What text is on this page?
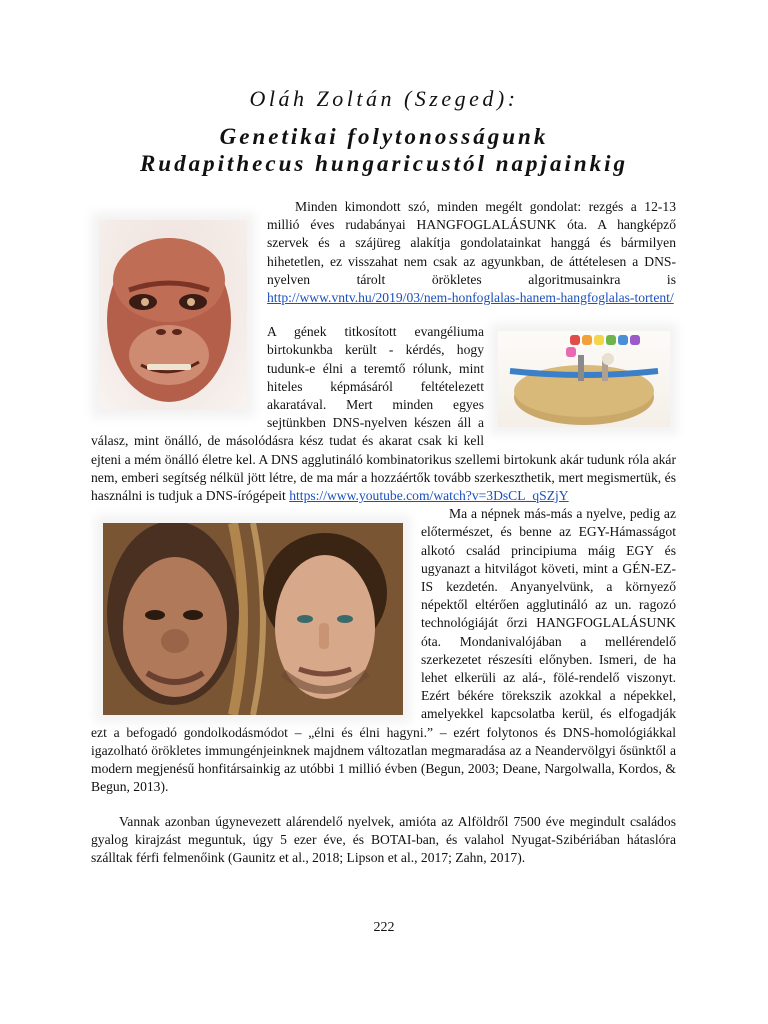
Oláh Zoltán (Szeged):
Genetikai folytonosságunk
Rudapithecus hungaricustól napjainkig

Minden kimondott szó, minden megélt gondolat: rezgés a 12-13 millió éves rudabányai HANGFOGLALÁSUNK óta. A hangképző szervek és a szájüreg alakítja gondolatainkat hanggá és bármilyen hihetetlen, ez visszahat nem csak az agyunkban, de áttételesen a DNS-nyelven tárolt örökletes algoritmusainkra is http://www.vntv.hu/2019/03/nem-honfoglalas-hanem-hangfoglalas-tortent/

A gének titkosított evangéliuma birtokunkba került - kérdés, hogy tudunk-e élni a teremtő rólunk, mint hiteles képmásáról feltételezett akaratával. Mert minden egyes sejtünkben DNS-nyelven készen áll a válasz, mint önálló, de másolódásra kész tudat és akarat csak ki kell ejteni a mém önálló életre kel. A DNS agglutináló kombinatorikus szellemi birtokunk akár tudunk róla akár nem, emberi segítség nélkül jött létre, de ma már a hozzáértők tovább szerkeszthetik, mert megismertük, és használni is tudjuk a DNS-írógépeit https://www.youtube.com/watch?v=3DsCL_qSZjY

Ma a népnek más-más a nyelve, pedig az előtermészet, és benne az EGY-Hámasságot alkotó család principiuma máig EGY és ugyanazt a hitvilágot követi, mint a GÉN-EZ-IS kezdetén. Anyanyelvünk, a környező népektől eltérően agglutináló az un. ragozó technológiáját őrzi HANGFOGLALÁSUNK óta. Mondanivalójában a mellérendelő szerkezetet részesíti előnyben. Ismeri, de ha lehet elkerüli az alá-, fölé-rendelő viszonyt. Ezért békére törekszik azokkal a népekkel, amelyekkel kapcsolatba kerül, és elfogadják ezt a befogadó gondolkodásmódot – „élni és élni hagyni.” – ezért folytonos és DNS-homológiákkal igazolható örökletes immungénjeinknek majdnem változatlan megmaradása az a Neandervölgyi ősünktől a modern megjenésű honfitársainkig az utóbbi 1 millió évben (Begun, 2003; Deane, Nargolwalla, Kordos, & Begun, 2013).

Vannak azonban úgynevezett alárendelő nyelvek, amióta az Alföldről 7500 éve megindult családos gyalog kirajzást meguntuk, úgy 5 ezer éve, és BOTAI-ban, és valahol Nyugat-Szibériában hátaslóra szálltak férfi felmenőink (Gaunitz et al., 2018; Lipson et al., 2017; Zahn, 2017).

222
